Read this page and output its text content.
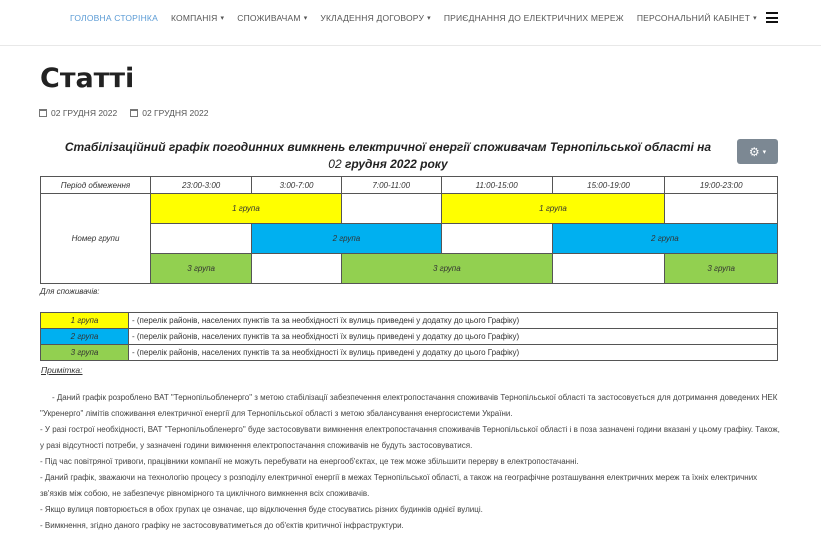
ГОЛОВНА СТОРІНКА КОМПАНІЯ ▾ СПОЖИВАЧАМ ▾ УКЛАДЕННЯ ДОГОВОРУ ▾ ПРИЄДНАННЯ ДО ЕЛЕКТРИЧНИХ МЕРЕЖ ПЕРСОНАЛЬНИЙ КАБІНЕТ ▾
Статті
02 ГРУДНЯ 2022	02 ГРУДНЯ 2022
⚙ ▾
Стабілізаційний графік погодинних вимкнень електричної енергії споживачам Тернопільської області на
02 грудня 2022 року
Період обмеження	23:00-3:00	3:00-7:00	7:00-11:00	11:00-15:00	15:00-19:00	19:00-23:00
Номер групи	1 група			1 група		
		2 група			2 група	
	3 група		3 група			3 група
Для споживачів:
1 група	- (перелік районів, населених пунктів та за необхідності їх вулиць приведені у додатку до цього Графіку)
2 група	- (перелік районів, населених пунктів та за необхідності їх вулиць приведені у додатку до цього Графіку)
3 група	- (перелік районів, населених пунктів та за необхідності їх вулиць приведені у додатку до цього Графіку)
Примітка:

- Даний графік розроблено ВАТ "Тернопільобленерго" з метою стабілізації забезпечення електропостачання споживачів Тернопільської області та застосовується для дотримання доведених НЕК "Укренерго" лімітів споживання електричної енергії для Тернопільської області з метою збалансування енергосистеми України.

- У разі гострої необхідності, ВАТ "Тернопільобленерго" буде застосовувати вимкнення електропостачання споживачів Тернопільської області і в поза зазначені години вказані у цьому графіку. Також, у разі відсутності потреби, у зазначені години вимкнення електропостачання споживачів не будуть застосовуватися.

- Під час повітряної тривоги, працівники компанії не можуть перебувати на енергооб'єктах, це теж може збільшити перерву в електропостачанні.

- Даний графік, зважаючи на технологію процесу з розподілу електричної енергії в межах Тернопільської області, а також на географічне розташування електричних мереж та їхніх електричних зв'язків між собою, не забезпечує рівномірного та циклічного вимкнення всіх споживачів.

- Якщо вулиця повторюється в обох групах це означає, що відключення буде стосуватись різних будинків однієї вулиці.

- Вимкнення, згідно даного графіку не застосовуватиметься до об'єктів критичної інфраструктури.
